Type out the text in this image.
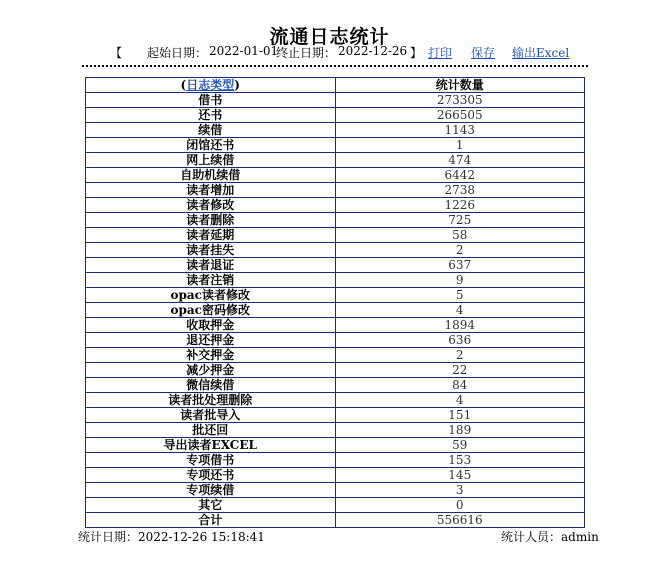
流通日志统计
【 起始日期： 2022-01-01
终止日期： 2022-12-26 】 打印 保存 输出Excel
(日志类型)	统计数量
借书	273305
还书	266505
续借	1143
闭馆还书	1
网上续借	474
自助机续借	6442
读者增加	2738
读者修改	1226
读者删除	725
读者延期	58
读者挂失	2
读者退证	637
读者注销	9
opac读者修改	5
opac密码修改	4
收取押金	1894
退还押金	636
补交押金	2
减少押金	22
微信续借	84
读者批处理删除	4
读者批导入	151
批还回	189
导出读者EXCEL	59
专项借书	153
专项还书	145
专项续借	3
其它	0
合计	556616
统计日期：2022-12-26 15:18:41	统计人员：admin
